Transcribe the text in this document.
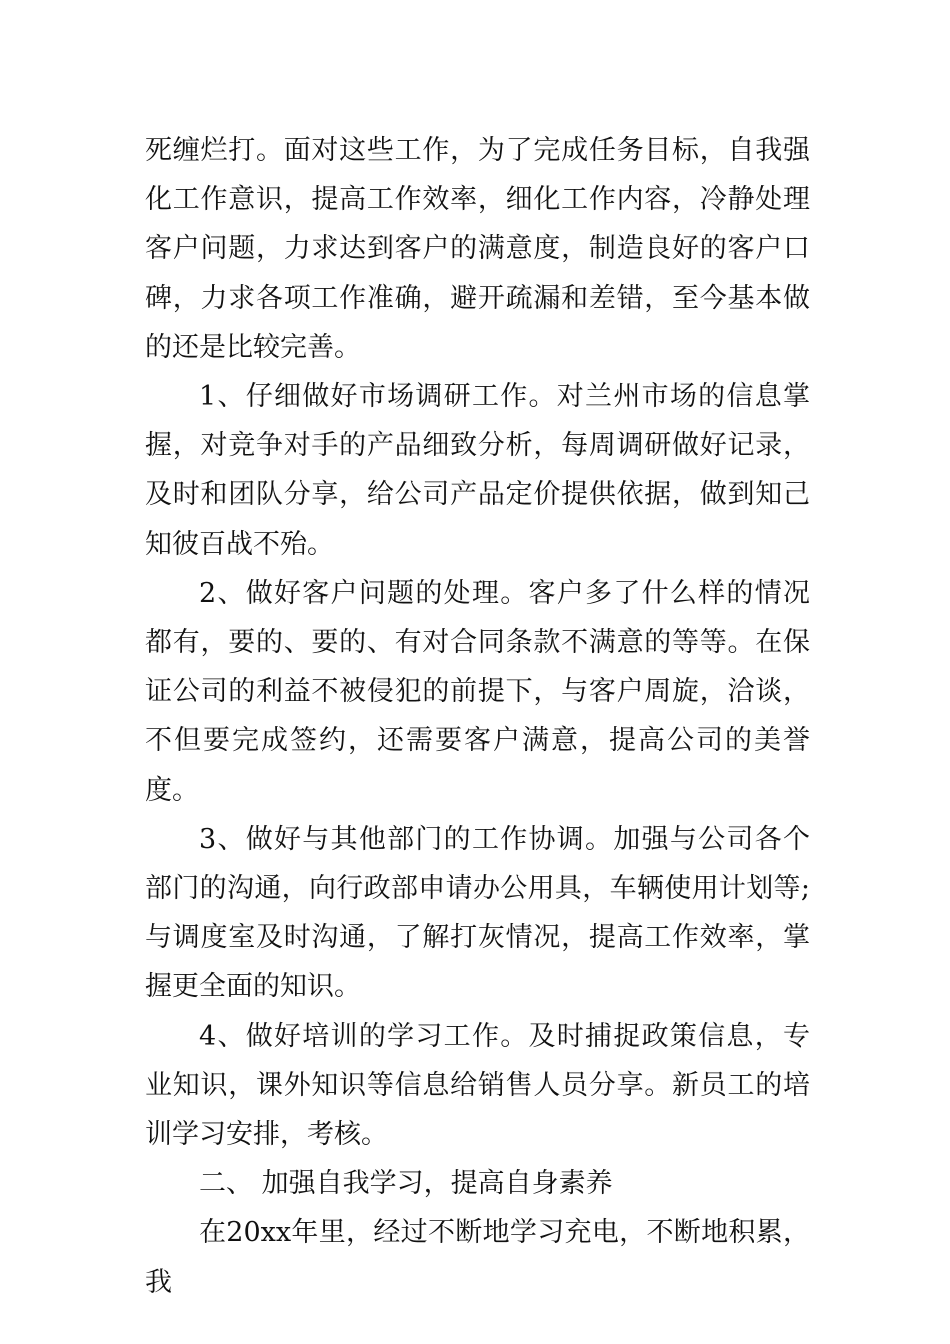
死缠烂打。面对这些工作，为了完成任务目标，自我强化工作意识，提高工作效率，细化工作内容，冷静处理客户问题，力求达到客户的满意度，制造良好的客户口碑，力求各项工作准确，避开疏漏和差错，至今基本做的还是比较完善。

1、仔细做好市场调研工作。对兰州市场的信息掌握，对竞争对手的产品细致分析，每周调研做好记录，及时和团队分享，给公司产品定价提供依据，做到知己知彼百战不殆。

2、做好客户问题的处理。客户多了什么样的情况都有，要的、要的、有对合同条款不满意的等等。在保证公司的利益不被侵犯的前提下，与客户周旋，洽谈，不但要完成签约，还需要客户满意，提高公司的美誉度。

3、做好与其他部门的工作协调。加强与公司各个部门的沟通，向行政部申请办公用具，车辆使用计划等;与调度室及时沟通，了解打灰情况，提高工作效率，掌握更全面的知识。

4、做好培训的学习工作。及时捕捉政策信息，专业知识，课外知识等信息给销售人员分享。新员工的培训学习安排，考核。

二、 加强自我学习，提高自身素养

在20xx年里，经过不断地学习充电，不断地积累，我
